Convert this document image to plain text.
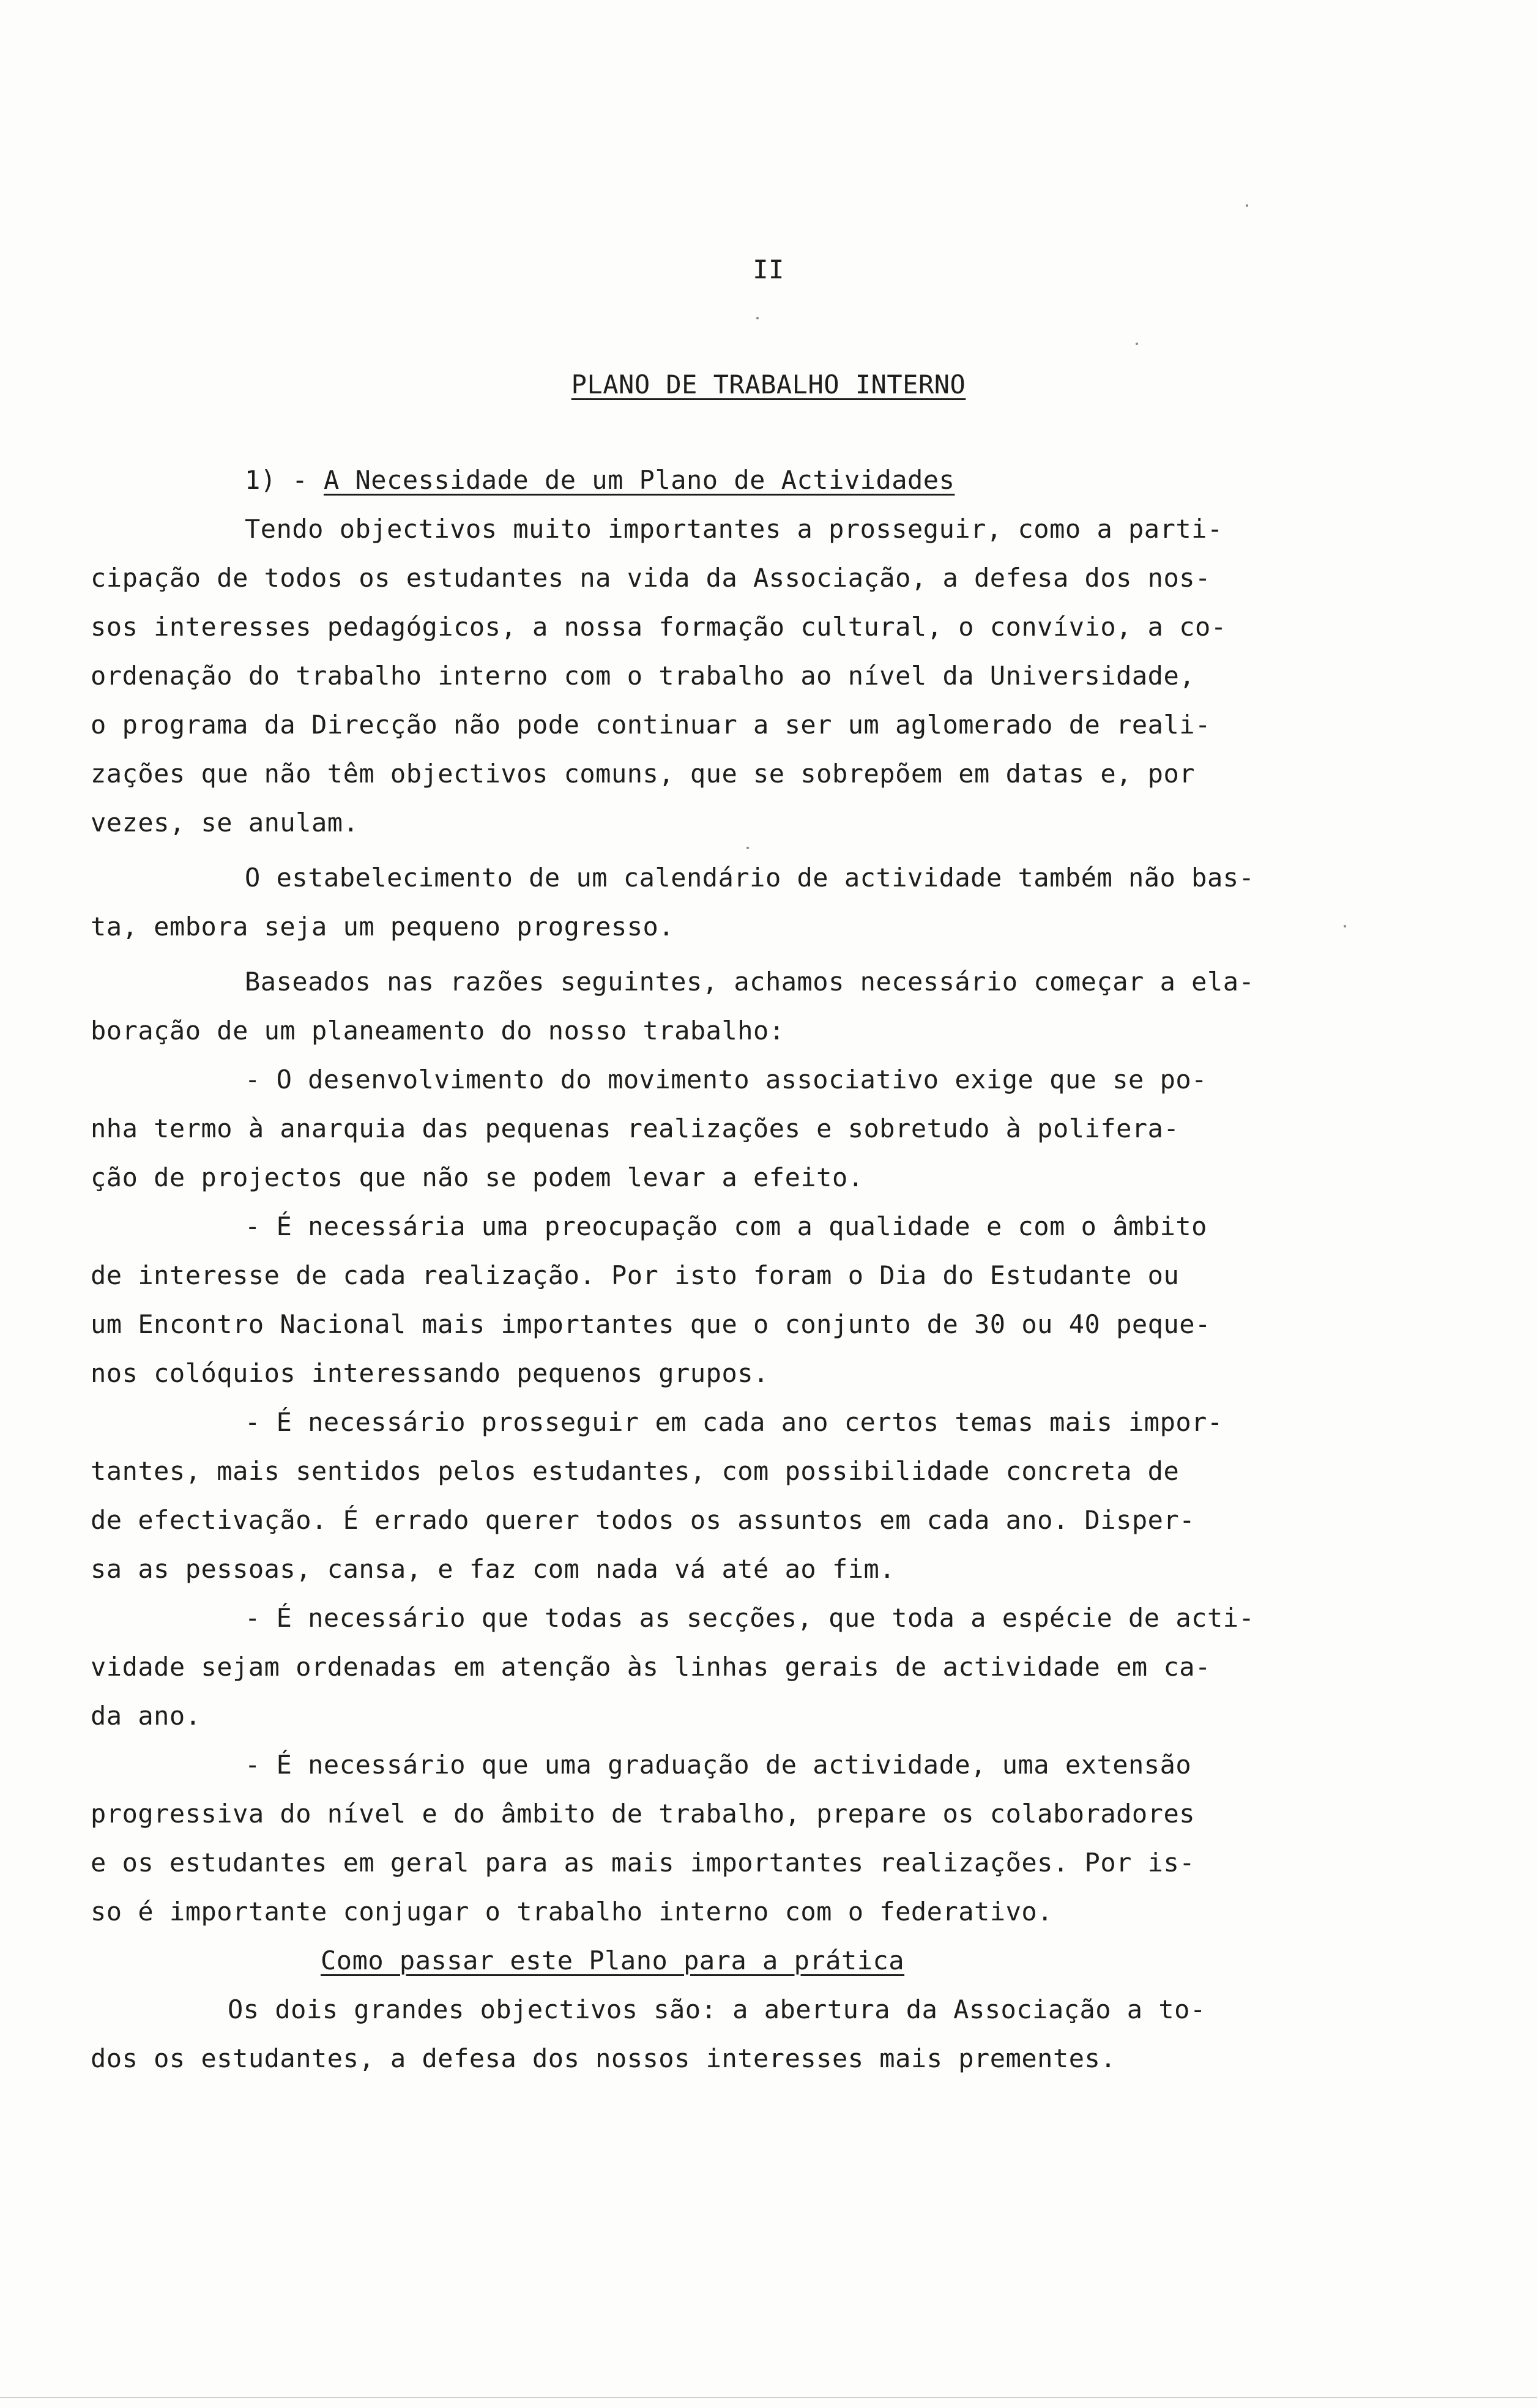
II
PLANO DE TRABALHO INTERNO
1) - A Necessidade de um Plano de Actividades
Tendo objectivos muito importantes a prosseguir, como a parti-
cipação de todos os estudantes na vida da Associação, a defesa dos nos-
sos interesses pedagógicos, a nossa formação cultural, o convívio, a co-
ordenação do trabalho interno com o trabalho ao nível da Universidade,
o programa da Direcção não pode continuar a ser um aglomerado de reali-
zações que não têm objectivos comuns, que se sobrepõem em datas e, por
vezes, se anulam.
O estabelecimento de um calendário de actividade também não bas-
ta, embora seja um pequeno progresso.
Baseados nas razões seguintes, achamos necessário começar a ela-
boração de um planeamento do nosso trabalho:
- O desenvolvimento do movimento associativo exige que se po-
nha termo à anarquia das pequenas realizações e sobretudo à polifera-
ção de projectos que não se podem levar a efeito.
- É necessária uma preocupação com a qualidade e com o âmbito
de interesse de cada realização. Por isto foram o Dia do Estudante ou
um Encontro Nacional mais importantes que o conjunto de 30 ou 40 peque-
nos colóquios interessando pequenos grupos.
- É necessário prosseguir em cada ano certos temas mais impor-
tantes, mais sentidos pelos estudantes, com possibilidade concreta de
de efectivação. É errado querer todos os assuntos em cada ano. Disper-
sa as pessoas, cansa, e faz com nada vá até ao fim.
- É necessário que todas as secções, que toda a espécie de acti-
vidade sejam ordenadas em atenção às linhas gerais de actividade em ca-
da ano.
- É necessário que uma graduação de actividade, uma extensão
progressiva do nível e do âmbito de trabalho, prepare os colaboradores
e os estudantes em geral para as mais importantes realizações. Por is-
so é importante conjugar o trabalho interno com o federativo.
Como passar este Plano para a prática
Os dois grandes objectivos são: a abertura da Associação a to-
dos os estudantes, a defesa dos nossos interesses mais prementes.
